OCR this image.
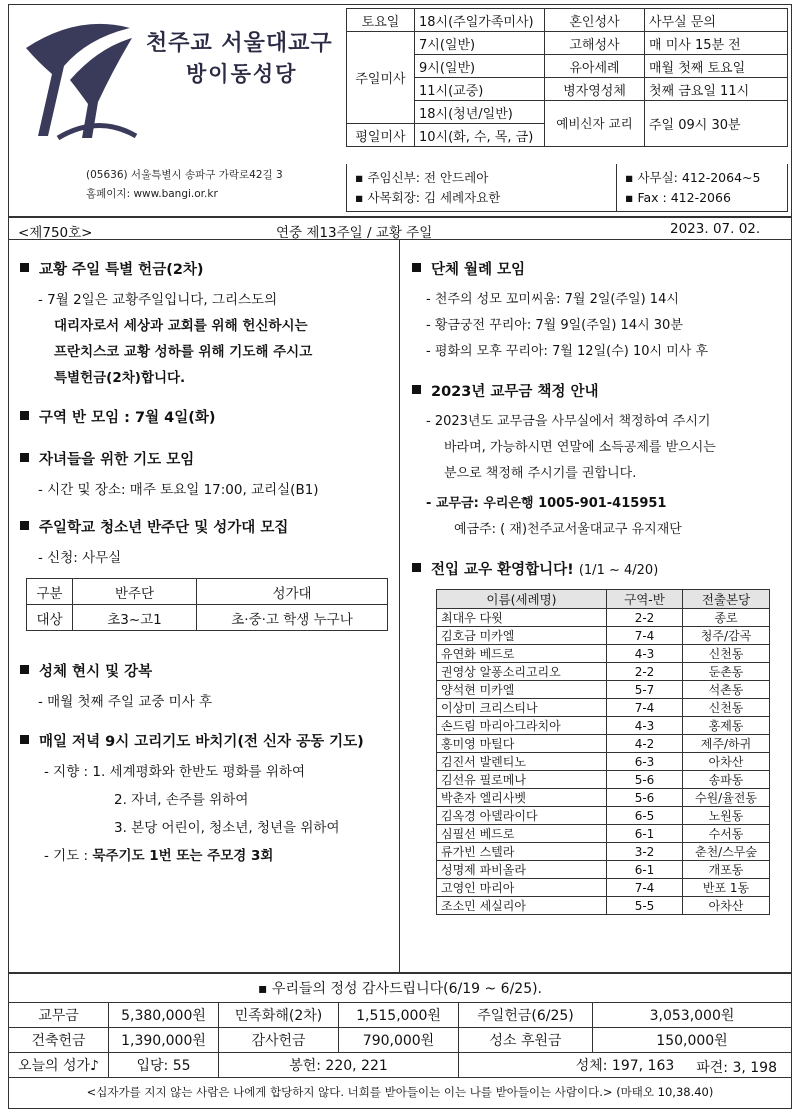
천주교 서울대교구
방이동성당
(05636) 서울특별시 송파구 가락로42길 3
홈페이지: www.bangi.or.kr
토요일	18시(주일가족미사)	혼인성사	사무실 문의
주일미사	7시(일반)	고해성사	매 미사 15분 전
	9시(일반)	유아세례	매월 첫째 토요일
	11시(교중)	병자영성체	첫째 금요일 11시
	18시(청년/일반)	예비신자 교리	주일 09시 30분
평일미사	10시(화, 수, 목, 금)		
▪ 주임신부: 전 안드레아
▪ 사목회장: 김 세례자요한
▪ 사무실: 412-2064~5
▪ Fax : 412-2066
<제750호>	연중 제13주일 / 교황 주일	2023. 07. 02.
교황 주일 특별 헌금(2차)
- 7월 2일은 교황주일입니다, 그리스도의
대리자로서 세상과 교회를 위해 헌신하시는
프란치스코 교황 성하를 위해 기도해 주시고
특별헌금(2차)합니다.
구역 반 모임 : 7월 4일(화)
자녀들을 위한 기도 모임
- 시간 및 장소: 매주 토요일 17:00, 교리실(B1)
주일학교 청소년 반주단 및 성가대 모집
- 신청: 사무실
구분	반주단	성가대
대상	초3~고1	초·중·고 학생 누구나
성체 현시 및 강복
- 매월 첫째 주일 교중 미사 후
매일 저녁 9시 고리기도 바치기(전 신자 공동 기도)
- 지향 : 1. 세계평화와 한반도 평화를 위하여
2. 자녀, 손주를 위하여
3. 본당 어린이, 청소년, 청년을 위하여
- 기도 : 묵주기도 1번 또는 주모경 3회
단체 월례 모임
- 천주의 성모 꼬미씨움: 7월 2일(주일) 14시
- 황금궁전 꾸리아: 7월 9일(주일) 14시 30분
- 평화의 모후 꾸리아: 7월 12일(수) 10시 미사 후
2023년 교무금 책정 안내
- 2023년도 교무금을 사무실에서 책정하여 주시기
바라며, 가능하시면 연말에 소득공제를 받으시는
분으로 책정해 주시기를 권합니다.
- 교무금: 우리은행 1005-901-415951
예금주: ( 재)천주교서울대교구 유지재단
전입 교우 환영합니다! (1/1 ~ 4/20)
이름(세례명)	구역-반	전출본당
최대우 다윗	2-2	종로
김호금 미카엘	7-4	청주/감곡
유연화 베드로	4-3	신천동
권영상 알퐁소리고리오	2-2	둔촌동
양석현 미카엘	5-7	석촌동
이상미 크리스티나	7-4	신천동
손드림 마리아그라치아	4-3	홍제동
홍미영 마틸다	4-2	제주/하귀
김진서 발렌티노	6-3	아차산
김선유 필로메나	5-6	송파동
박춘자 엘리사벳	5-6	수원/율전동
김옥경 아델라이다	6-5	노원동
심필선 베드로	6-1	수서동
류가빈 스텔라	3-2	춘천/스무숲
성명제 파비올라	6-1	개포동
고영인 마리아	7-4	반포 1동
조소민 세실리아	5-5	아차산
▪ 우리들의 정성 감사드립니다(6/19 ~ 6/25).
교무금	5,380,000원	민족화해(2차)	1,515,000원	주일헌금(6/25)	3,053,000원
건축헌금	1,390,000원	감사헌금	790,000원	성소 후원금	150,000원
오늘의 성가♪	입당: 55	봉헌: 220, 221		성체: 197, 163 파견: 3, 198	
<십자가를 지지 않는 사람은 나에게 합당하지 않다. 너희를 받아들이는 이는 나를 받아들이는 사람이다.> (마태오 10,38.40)
